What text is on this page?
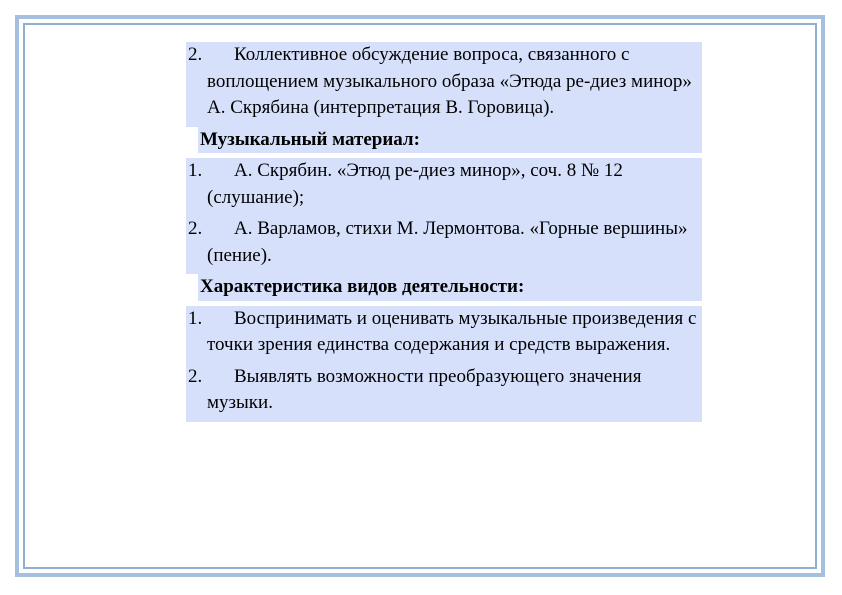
2.	Коллективное обсуждение вопроса, связанного с воплощением музыкального образа «Этюда ре-диез минор» А. Скрябина (интерпретация В. Горовица).
Музыкальный материал:
1.	А. Скрябин. «Этюд ре-диез минор», соч. 8 № 12 (слушание);
2.	А. Варламов, стихи М. Лермонтова. «Горные вершины» (пение).
Характеристика видов деятельности:
1.	Воспринимать и оценивать музыкальные произведения с точки зрения единства содержания и средств выражения.
2.	Выявлять возможности преобразующего значения музыки.
